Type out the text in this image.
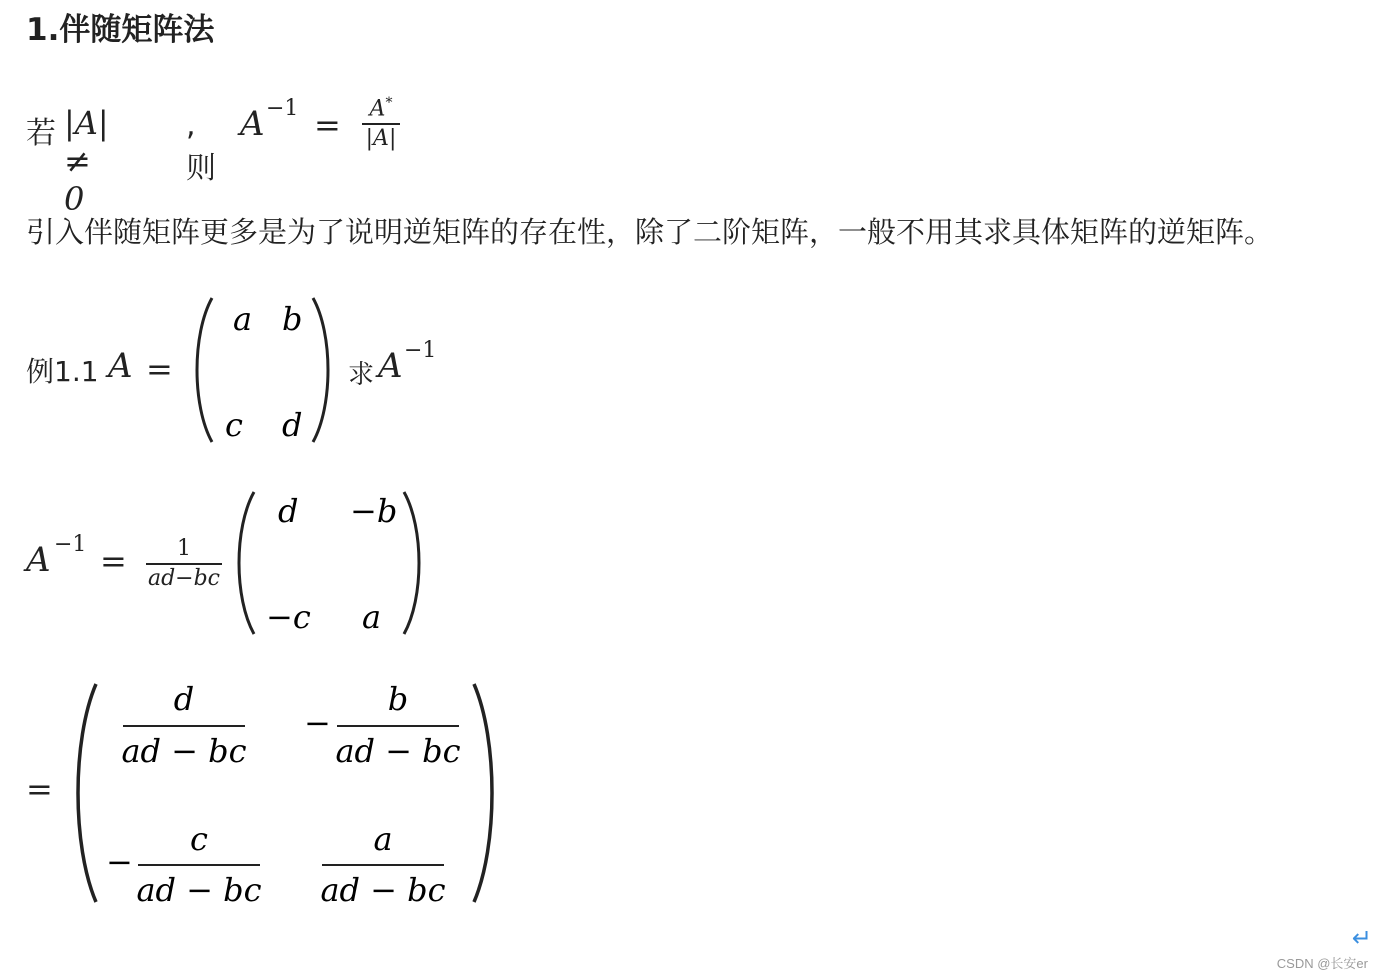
1.伴随矩阵法
若 |A| ≠ 0
,则
A −1 =	A*
|A|
引入伴随矩阵更多是为了说明逆矩阵的存在性，除了二阶矩阵，一般不用其求具体矩阵的逆矩阵。
例1.1 A =
a b
c d
求 A −1
A −1 =	1
ad−bc
d −b
−c a
=
d
ad − bc
−
b
ad − bc
−
c
ad − bc
a
ad − bc
↵
CSDN @长安er
